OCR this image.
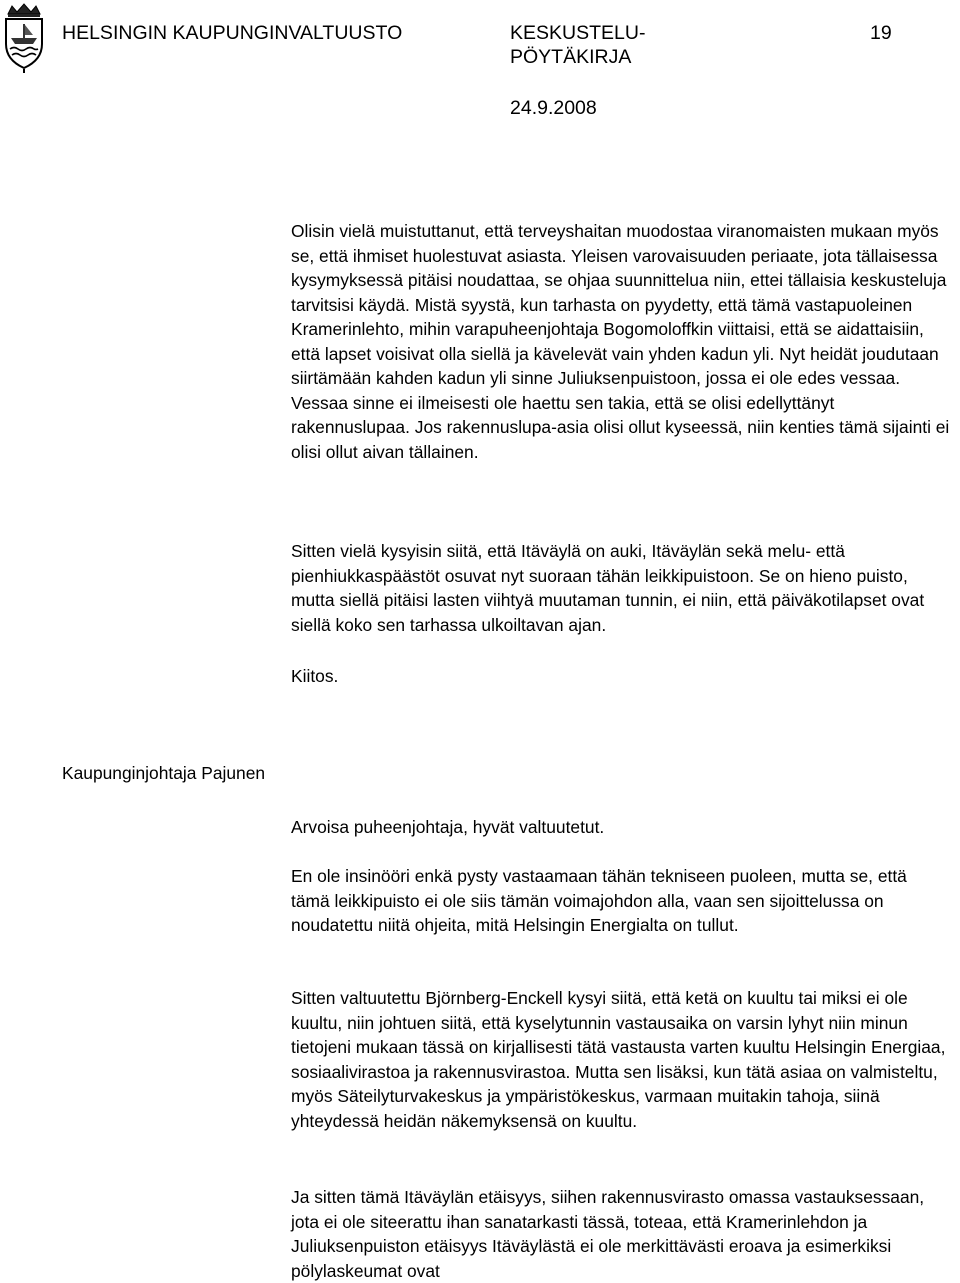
HELSINGIN KAUPUNGINVALTUUSTO	KESKUSTELU-PÖYTÄKIRJA
19
24.9.2008

Olisin vielä muistuttanut, että terveyshaitan muodostaa viranomaisten mukaan myös se, että ihmiset huolestuvat asiasta. Yleisen varovaisuuden periaate, jota tällaisessa kysymyksessä pitäisi noudattaa, se ohjaa suunnittelua niin, ettei tällaisia keskusteluja tarvitsisi käydä. Mistä syystä, kun tarhasta on pyydetty, että tämä vastapuoleinen Kramerinlehto, mihin varapuheenjohtaja Bogomoloffkin viittaisi, että se aidattaisiin, että lapset voisivat olla siellä ja kävelevät vain yhden kadun yli. Nyt heidät joudutaan siirtämään kahden kadun yli sinne Juliuksenpuistoon, jossa ei ole edes vessaa. Vessaa sinne ei ilmeisesti ole haettu sen takia, että se olisi edellyttänyt rakennuslupaa. Jos rakennuslupa-asia olisi ollut kyseessä, niin kenties tämä sijainti ei olisi ollut aivan tällainen.

Sitten vielä kysyisin siitä, että Itäväylä on auki, Itäväylän sekä melu- että pienhiukkaspäästöt osuvat nyt suoraan tähän leikkipuistoon. Se on hieno puisto, mutta siellä pitäisi lasten viihtyä muutaman tunnin, ei niin, että päiväkotilapset ovat siellä koko sen tarhassa ulkoiltavan ajan.

Kiitos.

Kaupunginjohtaja Pajunen

Arvoisa puheenjohtaja, hyvät valtuutetut.

En ole insinööri enkä pysty vastaamaan tähän tekniseen puoleen, mutta se, että tämä leikkipuisto ei ole siis tämän voimajohdon alla, vaan sen sijoittelussa on noudatettu niitä ohjeita, mitä Helsingin Energialta on tullut.

Sitten valtuutettu Björnberg-Enckell kysyi siitä, että ketä on kuultu tai miksi ei ole kuultu, niin johtuen siitä, että kyselytunnin vastausaika on varsin lyhyt niin minun tietojeni mukaan tässä on kirjallisesti tätä vastausta varten kuultu Helsingin Energiaa, sosiaalivirastoa ja rakennusvirastoa. Mutta sen lisäksi, kun tätä asiaa on valmisteltu, myös Säteilyturvakeskus ja ympäristökeskus, varmaan muitakin tahoja, siinä yhteydessä heidän näkemyksensä on kuultu.

Ja sitten tämä Itäväylän etäisyys, siihen rakennusvirasto omassa vastauksessaan, jota ei ole siteerattu ihan sanatarkasti tässä, toteaa, että Kramerinlehdon ja Juliuksenpuiston etäisyys Itäväylästä ei ole merkittävästi eroava ja esimerkiksi pölylaskeumat ovat
